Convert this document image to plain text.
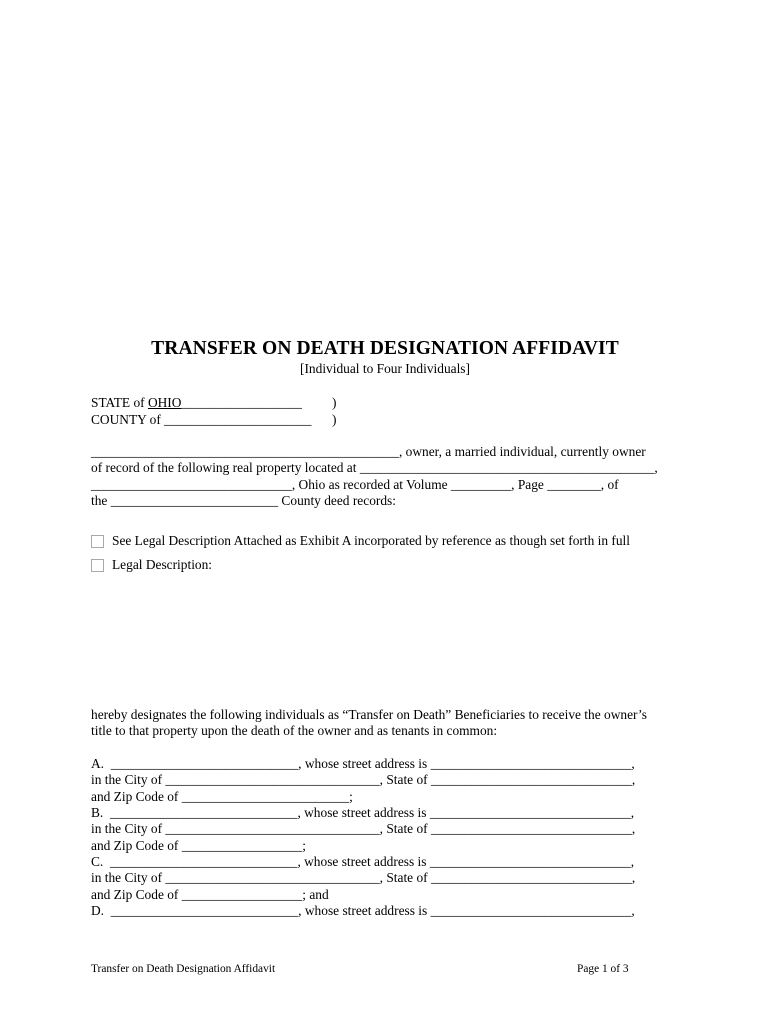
TRANSFER ON DEATH DESIGNATION AFFIDAVIT
[Individual to Four Individuals]
STATE of OHIO__________________ )
COUNTY of ______________________ )
______________________________________________, owner, a married individual, currently owner
of record of the following real property located at ____________________________________________,
______________________________, Ohio as recorded at Volume _________, Page ________, of
the _________________________ County deed records:
See Legal Description Attached as Exhibit A incorporated by reference as though set forth in full
Legal Description:
hereby designates the following individuals as “Transfer on Death” Beneficiaries to receive the owner’s
title to that property upon the death of the owner and as tenants in common:
A.  ____________________________, whose street address is ______________________________,
in the City of ________________________________, State of ______________________________,
and Zip Code of _________________________;
B.  ____________________________, whose street address is ______________________________,
in the City of ________________________________, State of ______________________________,
and Zip Code of __________________;
C.  ____________________________, whose street address is ______________________________,
in the City of ________________________________, State of ______________________________,
and Zip Code of __________________; and
D.  ____________________________, whose street address is ______________________________,
Transfer on Death Designation Affidavit	Page 1 of 3
